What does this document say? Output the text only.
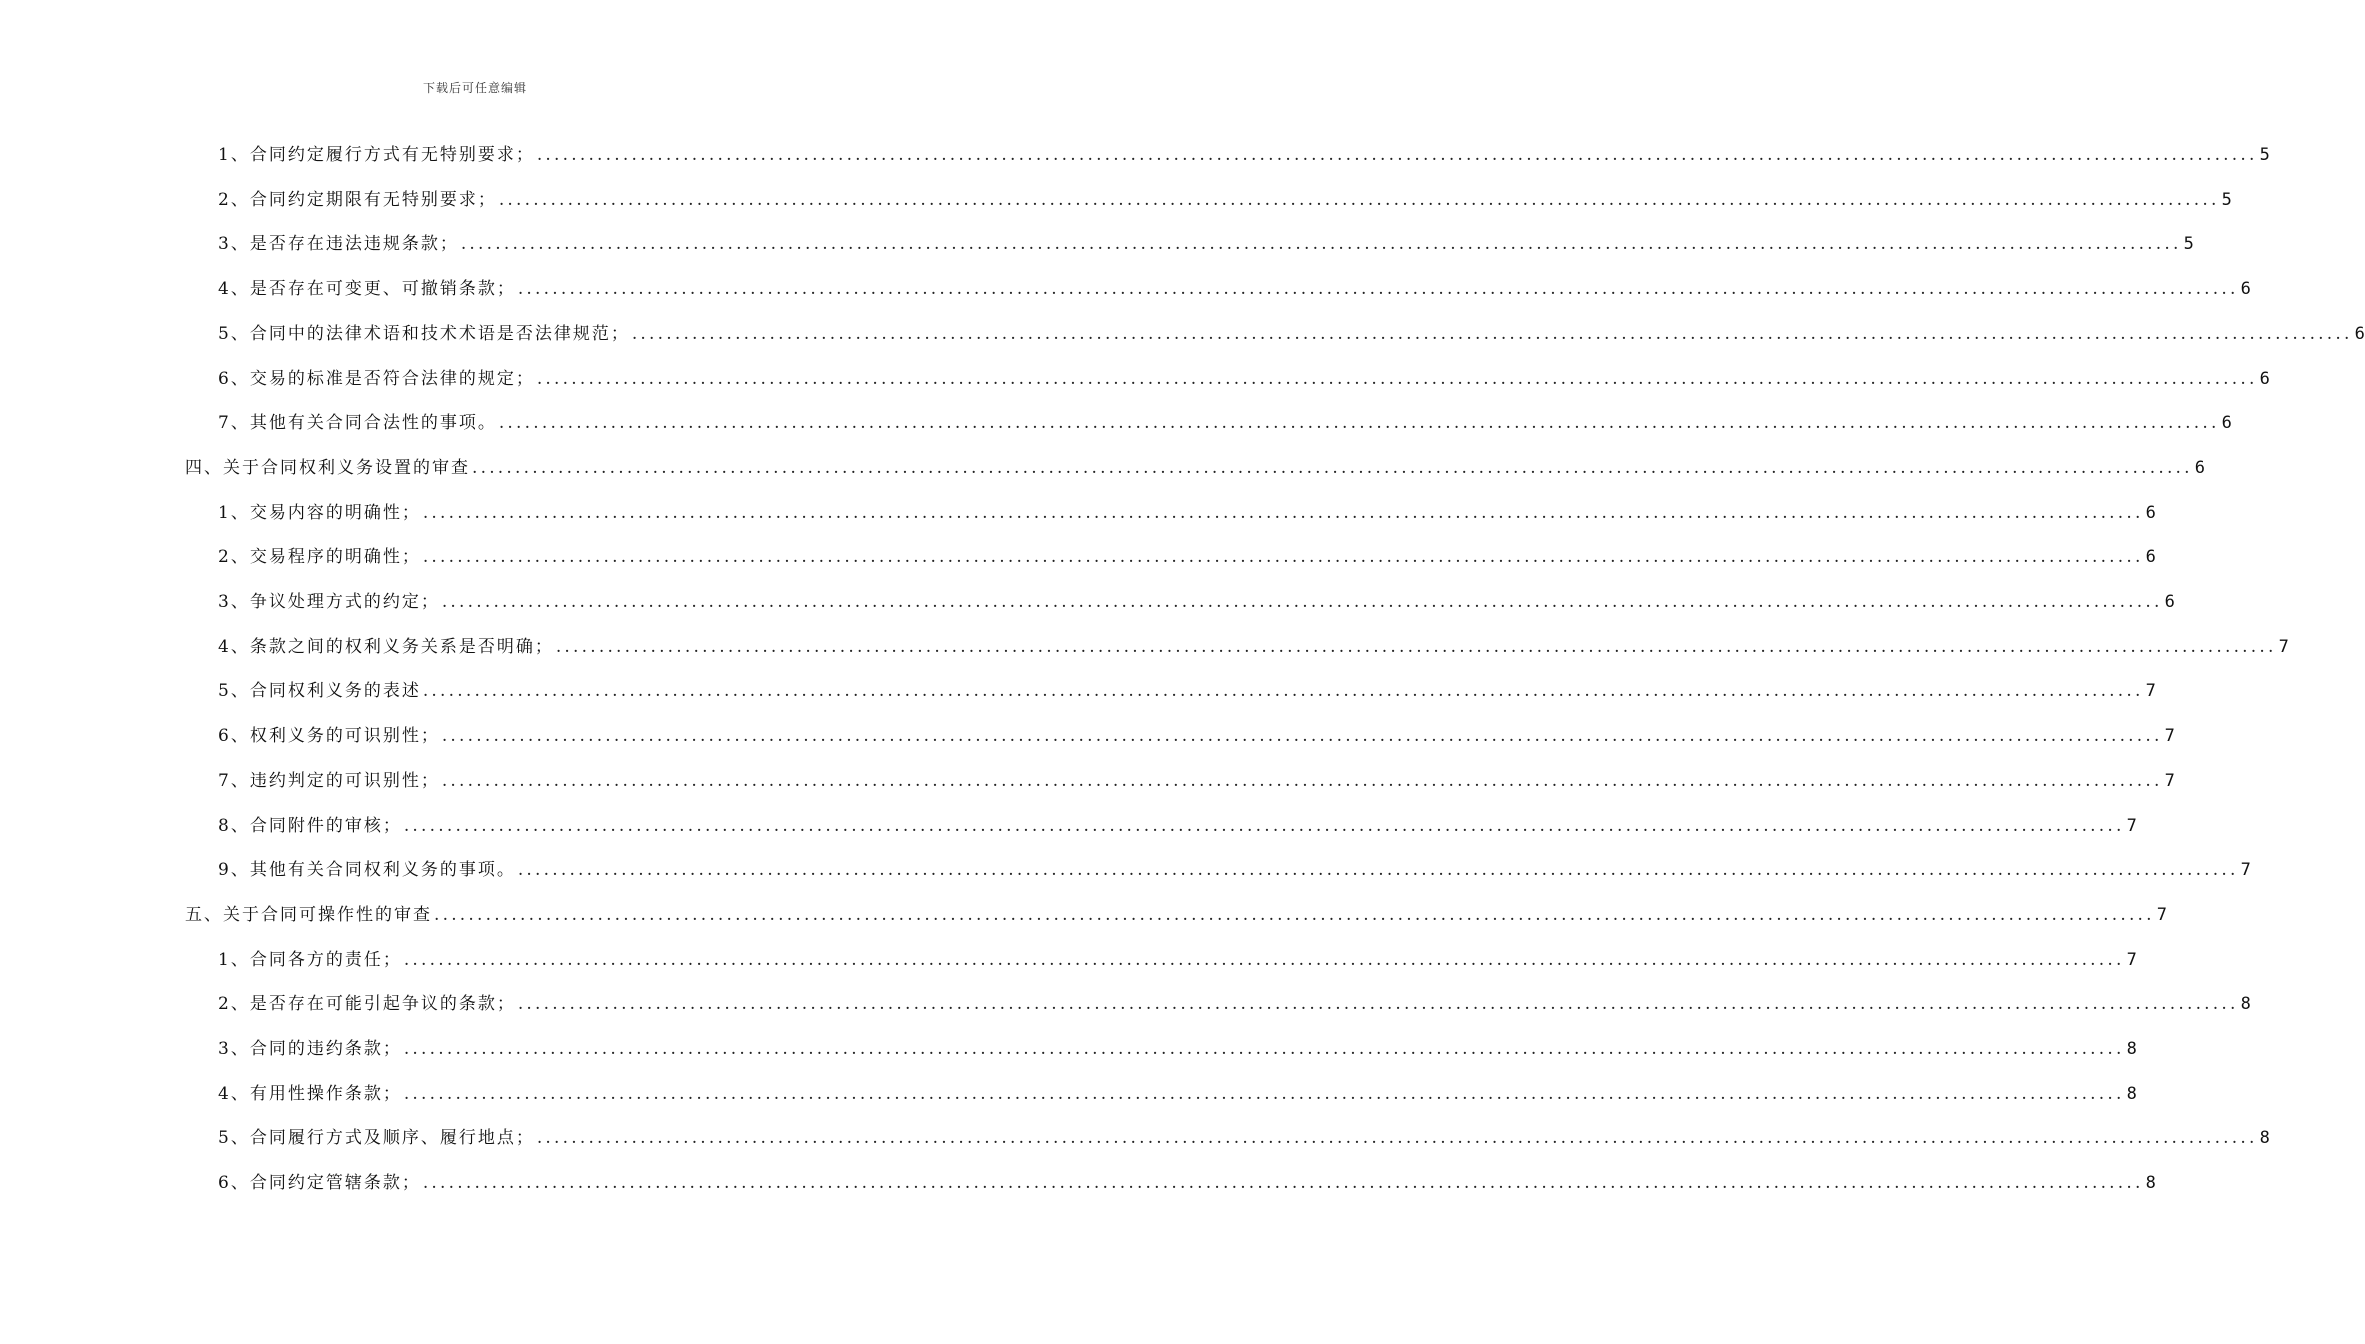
下载后可任意编辑
1、合同约定履行方式有无特别要求； ........................................................................................................................................................................................................ 5
2、合同约定期限有无特别要求； ........................................................................................................................................................................................................ 5
3、是否存在违法违规条款； ........................................................................................................................................................................................................ 5
4、是否存在可变更、可撤销条款； ........................................................................................................................................................................................................ 6
5、合同中的法律术语和技术术语是否法律规范； ........................................................................................................................................................................................................ 6
6、交易的标准是否符合法律的规定； ........................................................................................................................................................................................................ 6
7、其他有关合同合法性的事项。 ........................................................................................................................................................................................................ 6
四、关于合同权利义务设置的审查 ........................................................................................................................................................................................................ 6
1、交易内容的明确性； ........................................................................................................................................................................................................ 6
2、交易程序的明确性； ........................................................................................................................................................................................................ 6
3、争议处理方式的约定； ........................................................................................................................................................................................................ 6
4、条款之间的权利义务关系是否明确； ........................................................................................................................................................................................................ 7
5、合同权利义务的表述 ........................................................................................................................................................................................................ 7
6、权利义务的可识别性； ........................................................................................................................................................................................................ 7
7、违约判定的可识别性； ........................................................................................................................................................................................................ 7
8、合同附件的审核； ........................................................................................................................................................................................................ 7
9、其他有关合同权利义务的事项。 ........................................................................................................................................................................................................ 7
五、关于合同可操作性的审查 ........................................................................................................................................................................................................ 7
1、合同各方的责任； ........................................................................................................................................................................................................ 7
2、是否存在可能引起争议的条款； ........................................................................................................................................................................................................ 8
3、合同的违约条款； ........................................................................................................................................................................................................ 8
4、有用性操作条款； ........................................................................................................................................................................................................ 8
5、合同履行方式及顺序、履行地点； ........................................................................................................................................................................................................ 8
6、合同约定管辖条款； ........................................................................................................................................................................................................ 8
